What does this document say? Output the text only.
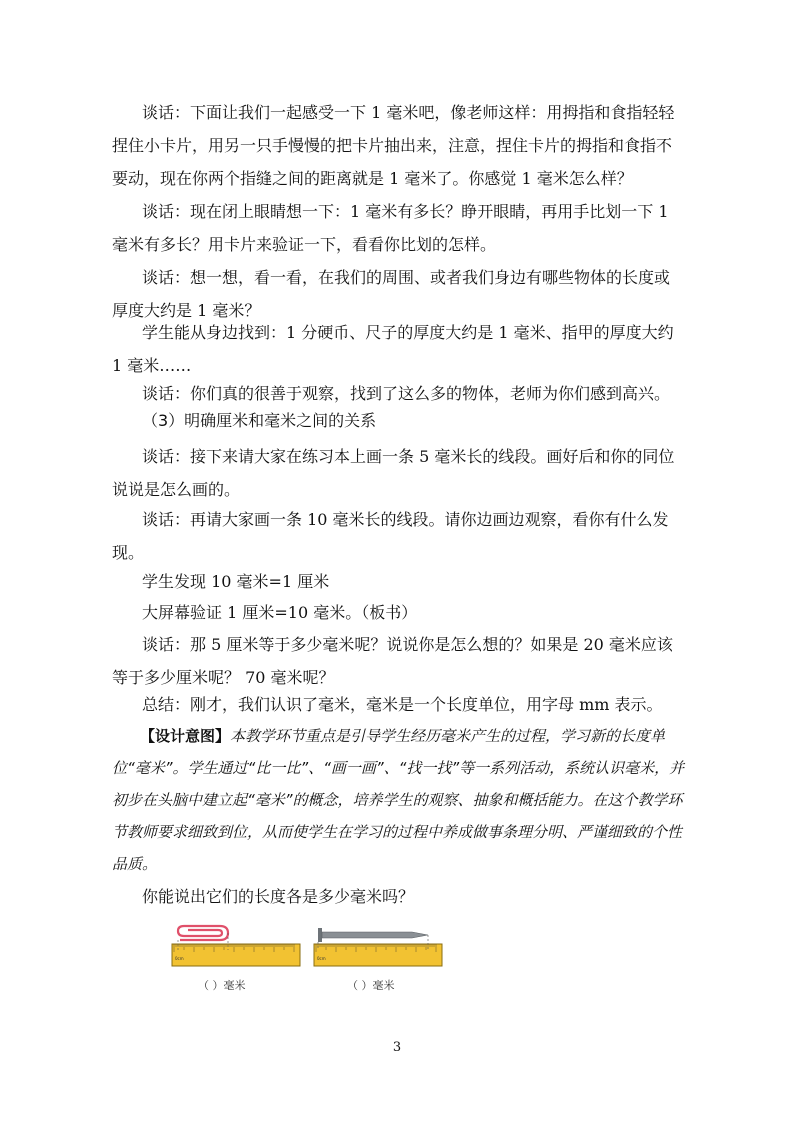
谈话：下面让我们一起感受一下 1 毫米吧，像老师这样：用拇指和食指轻轻捏住小卡片，用另一只手慢慢的把卡片抽出来，注意，捏住卡片的拇指和食指不要动，现在你两个指缝之间的距离就是 1 毫米了。你感觉 1 毫米怎么样？

谈话：现在闭上眼睛想一下：1 毫米有多长？睁开眼睛，再用手比划一下 1 毫米有多长？用卡片来验证一下，看看你比划的怎样。

谈话：想一想，看一看，在我们的周围、或者我们身边有哪些物体的长度或厚度大约是 1 毫米？

学生能从身边找到：1 分硬币、尺子的厚度大约是 1 毫米、指甲的厚度大约 1 毫米……

谈话：你们真的很善于观察，找到了这么多的物体，老师为你们感到高兴。

（3）明确厘米和毫米之间的关系

谈话：接下来请大家在练习本上画一条 5 毫米长的线段。画好后和你的同位说说是怎么画的。

谈话：再请大家画一条 10 毫米长的线段。请你边画边观察，看你有什么发现。

学生发现 10 毫米=1 厘米

大屏幕验证 1 厘米=10 毫米。（板书）

谈话：那 5 厘米等于多少毫米呢？说说你是怎么想的？如果是 20 毫米应该等于多少厘米呢？ 70 毫米呢？

总结：刚才，我们认识了毫米，毫米是一个长度单位，用字母 mm 表示。

【设计意图】本教学环节重点是引导学生经历毫米产生的过程，学习新的长度单位“毫米”。学生通过“比一比”、“画一画”、“找一找”等一系列活动，系统认识毫米，并初步在头脑中建立起“毫米”的概念，培养学生的观察、抽象和概括能力。在这个教学环节教师要求细致到位，从而使学生在学习的过程中养成做事条理分明、严谨细致的个性品质。

你能说出它们的长度各是多少毫米吗？

0cm	0cm
（ ）毫米	（ ）毫米
3
